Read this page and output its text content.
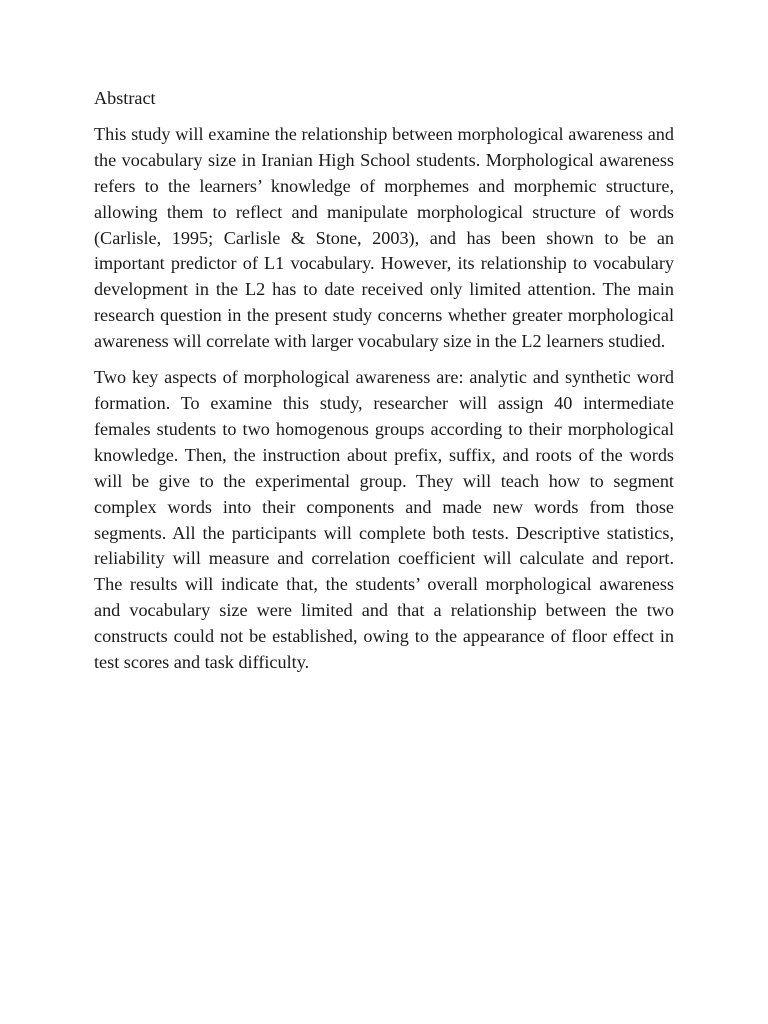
Abstract

This study will examine the relationship between morphological awareness and the vocabulary size in Iranian High School students. Morphological awareness refers to the learners’ knowledge of morphemes and morphemic structure, allowing them to reflect and manipulate morphological structure of words (Carlisle, 1995; Carlisle & Stone, 2003), and has been shown to be an important predictor of L1 vocabulary. However, its relationship to vocabulary development in the L2 has to date received only limited attention. The main research question in the present study concerns whether greater morphological awareness will correlate with larger vocabulary size in the L2 learners studied.

Two key aspects of morphological awareness are: analytic and synthetic word formation. To examine this study, researcher will assign 40 intermediate females students to two homogenous groups according to their morphological knowledge. Then, the instruction about prefix, suffix, and roots of the words will be give to the experimental group. They will teach how to segment complex words into their components and made new words from those segments. All the participants will complete both tests. Descriptive statistics, reliability will measure and correlation coefficient will calculate and report. The results will indicate that, the students’ overall morphological awareness and vocabulary size were limited and that a relationship between the two constructs could not be established, owing to the appearance of floor effect in test scores and task difficulty.
